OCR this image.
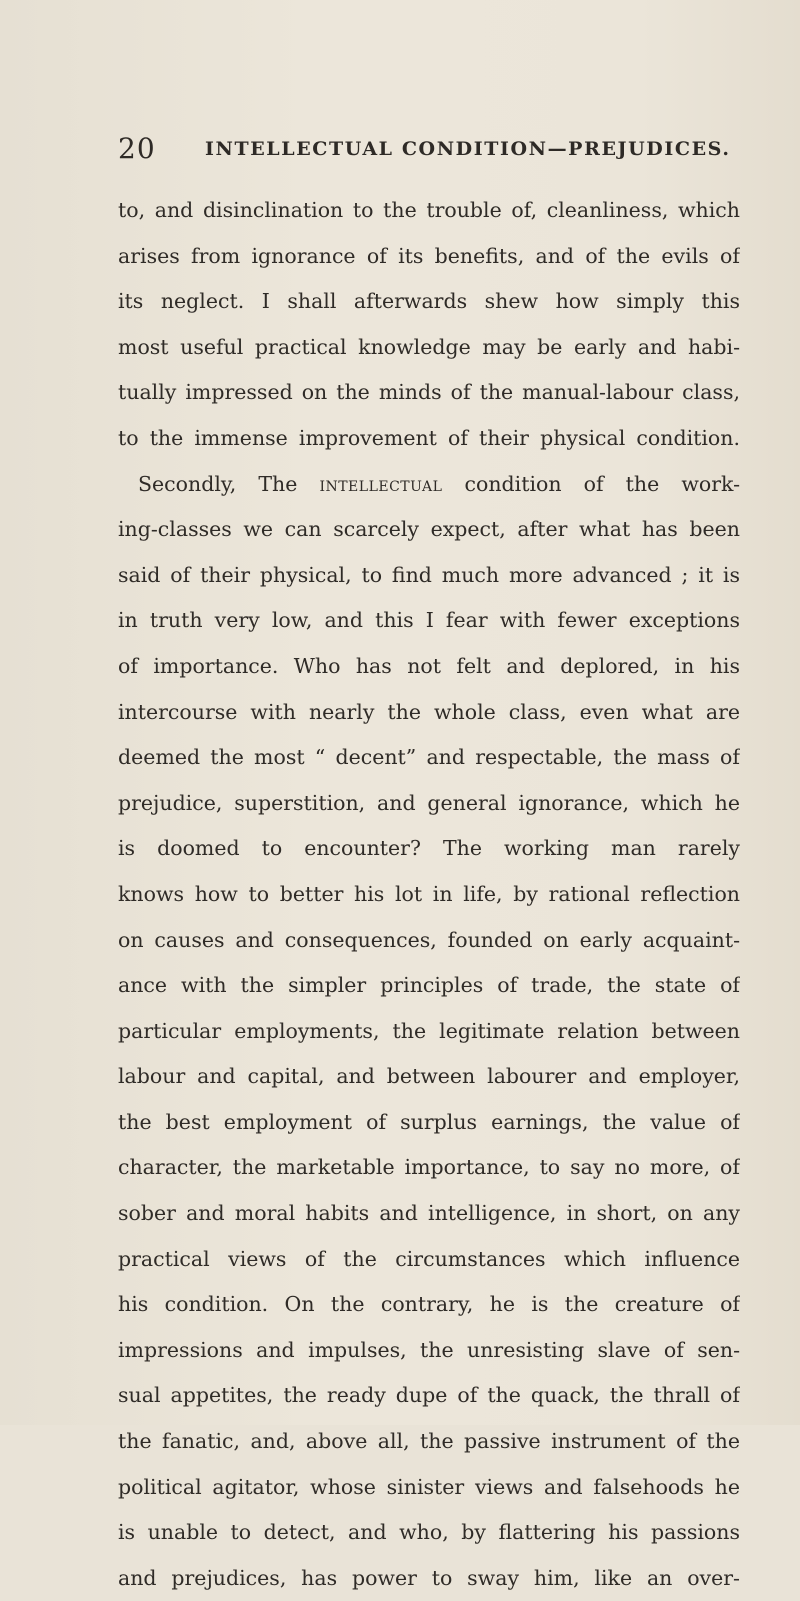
20	INTELLECTUAL CONDITION—PREJUDICES.
to, and disinclination to the trouble of, cleanliness, which
arises from ignorance of its benefits, and of the evils of
its neglect. I shall afterwards shew how simply this
most useful practical knowledge may be early and habi-
tually impressed on the minds of the manual-labour class,
to the immense improvement of their physical condition.
Secondly, The intellectual condition of the work-
ing-classes we can scarcely expect, after what has been
said of their physical, to find much more advanced ; it is
in truth very low, and this I fear with fewer exceptions
of importance. Who has not felt and deplored, in his
intercourse with nearly the whole class, even what are
deemed the most “ decent” and respectable, the mass of
prejudice, superstition, and general ignorance, which he
is doomed to encounter? The working man rarely
knows how to better his lot in life, by rational reflection
on causes and consequences, founded on early acquaint-
ance with the simpler principles of trade, the state of
particular employments, the legitimate relation between
labour and capital, and between labourer and employer,
the best employment of surplus earnings, the value of
character, the marketable importance, to say no more, of
sober and moral habits and intelligence, in short, on any
practical views of the circumstances which influence
his condition. On the contrary, he is the creature of
impressions and impulses, the unresisting slave of sen-
sual appetites, the ready dupe of the quack, the thrall of
the fanatic, and, above all, the passive instrument of the
political agitator, whose sinister views and falsehoods he
is unable to detect, and who, by flattering his passions
and prejudices, has power to sway him, like an over-
